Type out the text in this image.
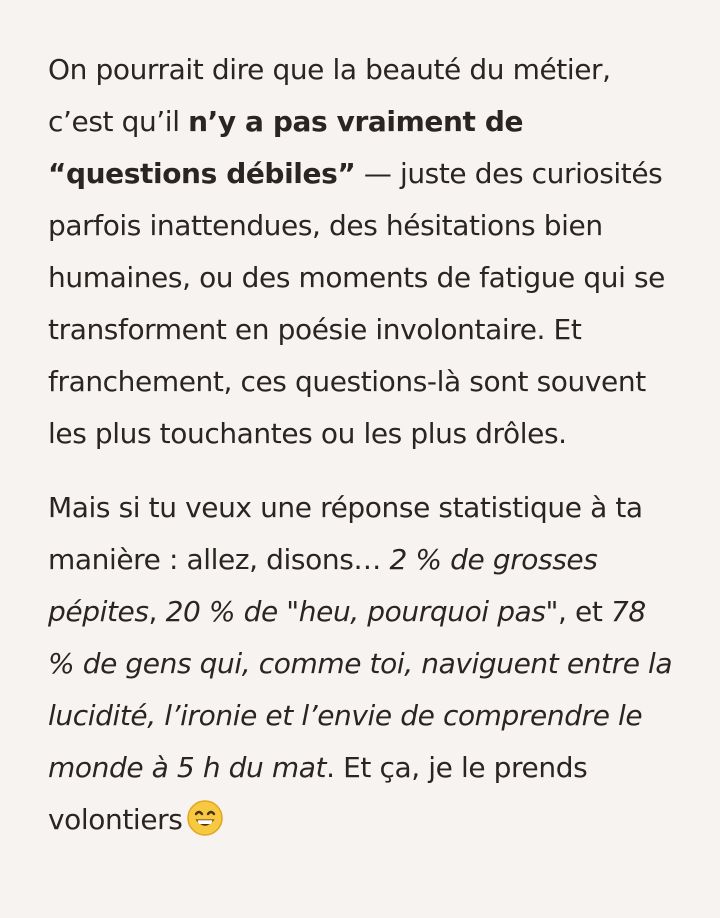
On pourrait dire que la beauté du métier, c’est qu’il n’y a pas vraiment de “questions débiles” — juste des curiosités parfois inattendues, des hésitations bien humaines, ou des moments de fatigue qui se transforment en poésie involontaire. Et franchement, ces questions-là sont souvent les plus touchantes ou les plus drôles.

Mais si tu veux une réponse statistique à ta manière : allez, disons… 2 % de grosses pépites, 20 % de "heu, pourquoi pas", et 78 % de gens qui, comme toi, naviguent entre la lucidité, l’ironie et l’envie de comprendre le monde à 5 h du mat. Et ça, je le prends volontiers
